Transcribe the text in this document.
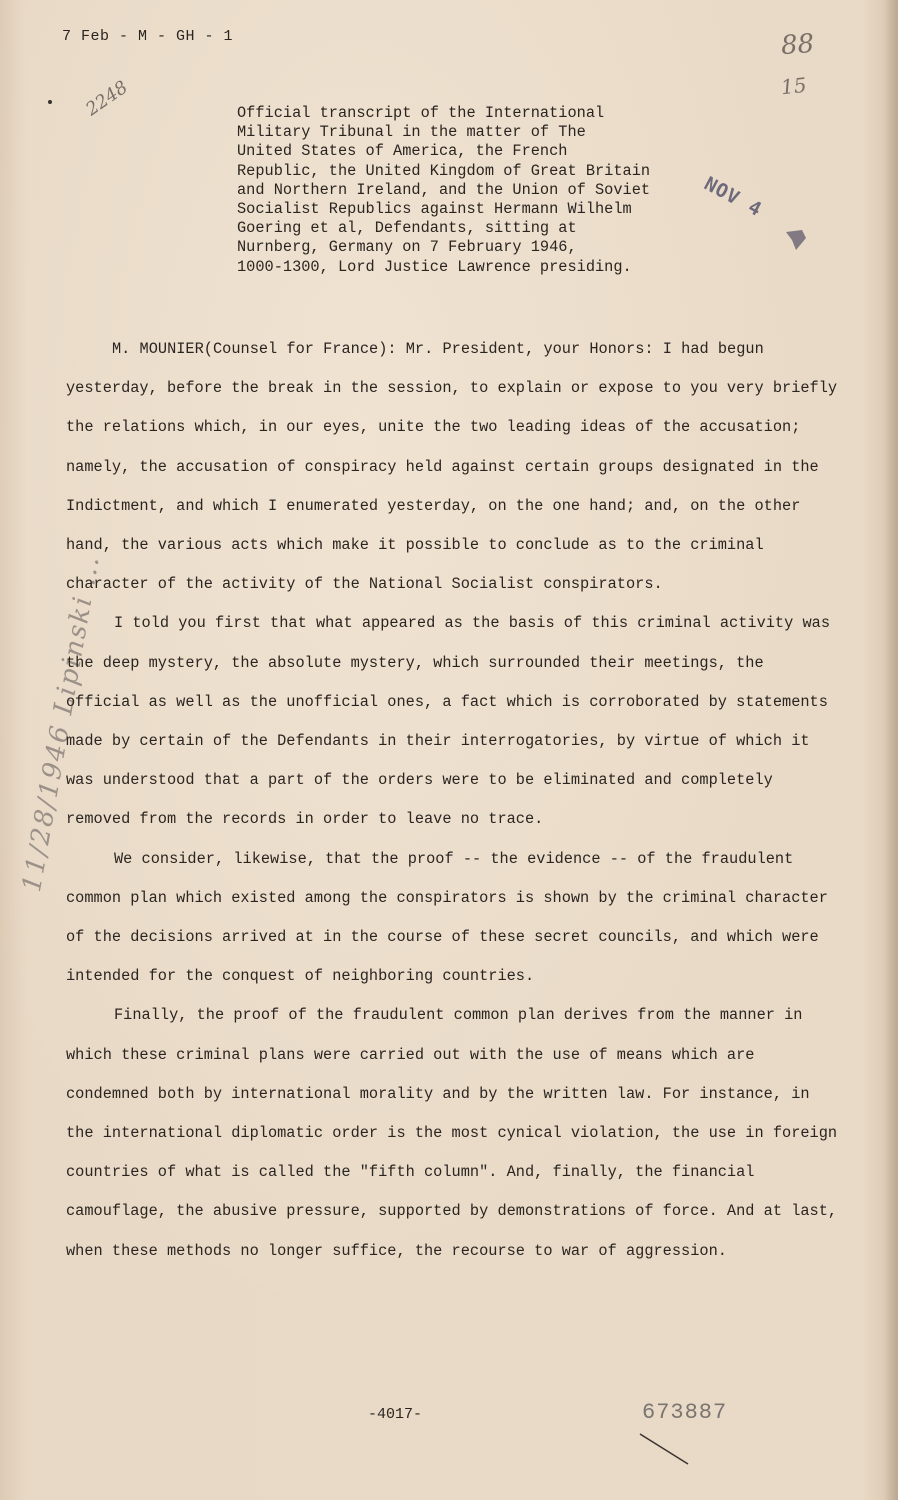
7 Feb - M - GH - 1	88
15
2248
11/28/1946 Lipinski ...
Official transcript of the International
Military Tribunal in the matter of The
United States of America, the French
Republic, the United Kingdom of Great Britain
and Northern Ireland, and the Union of Soviet
Socialist Republics against Hermann Wilhelm
Goering et al, Defendants, sitting at
Nurnberg, Germany on 7 February 1946,
1000-1300, Lord Justice Lawrence presiding.
NOV 4

M. MOUNIER(Counsel for France): Mr. President, your Honors: I had begun yesterday, before the break in the session, to explain or expose to you very briefly the relations which, in our eyes, unite the two leading ideas of the accusation; namely, the accusation of conspiracy held against certain groups designated in the Indictment, and which I enumerated yesterday, on the one hand; and, on the other hand, the various acts which make it possible to conclude as to the criminal character of the activity of the National Socialist conspirators.

I told you first that what appeared as the basis of this criminal activity was the deep mystery, the absolute mystery, which surrounded their meetings, the official as well as the unofficial ones, a fact which is corroborated by statements made by certain of the Defendants in their interrogatories, by virtue of which it was understood that a part of the orders were to be eliminated and completely removed from the records in order to leave no trace.

We consider, likewise, that the proof -- the evidence -- of the fraudulent common plan which existed among the conspirators is shown by the criminal character of the decisions arrived at in the course of these secret councils, and which were intended for the conquest of neighboring countries.

Finally, the proof of the fraudulent common plan derives from the manner in which these criminal plans were carried out with the use of means which are condemned both by international morality and by the written law. For instance, in the international diplomatic order is the most cynical violation, the use in foreign countries of what is called the "fifth column". And, finally, the financial camouflage, the abusive pressure, supported by demonstrations of force. And at last, when these methods no longer suffice, the recourse to war of aggression.

-4017-	673887
